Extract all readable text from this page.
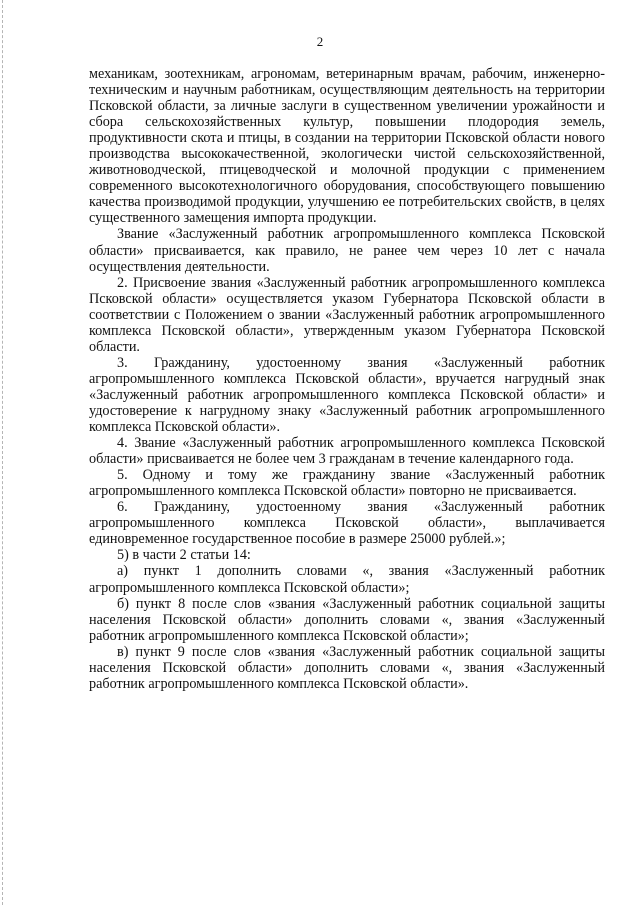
2

механикам, зоотехникам, агрономам, ветеринарным врачам, рабочим, инженерно-техническим и научным работникам, осуществляющим деятельность на территории Псковской области, за личные заслуги в существенном увеличении урожайности и сбора сельскохозяйственных культур, повышении плодородия земель, продуктивности скота и птицы, в создании на территории Псковской области нового производства высококачественной, экологически чистой сельскохозяйственной, животноводческой, птицеводческой и молочной продукции с применением современного высокотехнологичного оборудования, способствующего повышению качества производимой продукции, улучшению ее потребительских свойств, в целях существенного замещения импорта продукции.

Звание «Заслуженный работник агропромышленного комплекса Псковской области» присваивается, как правило, не ранее чем через 10 лет с начала осуществления деятельности.

2. Присвоение звания «Заслуженный работник агропромышленного комплекса Псковской области» осуществляется указом Губернатора Псковской области в соответствии с Положением о звании «Заслуженный работник агропромышленного комплекса Псковской области», утвержденным указом Губернатора Псковской области.

3. Гражданину, удостоенному звания «Заслуженный работник агропромышленного комплекса Псковской области», вручается нагрудный знак «Заслуженный работник агропромышленного комплекса Псковской области» и удостоверение к нагрудному знаку «Заслуженный работник агропромышленного комплекса Псковской области».

4. Звание «Заслуженный работник агропромышленного комплекса Псковской области» присваивается не более чем 3 гражданам в течение календарного года.

5. Одному и тому же гражданину звание «Заслуженный работник агропромышленного комплекса Псковской области» повторно не присваивается.

6. Гражданину, удостоенному звания «Заслуженный работник агропромышленного комплекса Псковской области», выплачивается единовременное государственное пособие в размере 25000 рублей.»;

5) в части 2 статьи 14:

а) пункт 1 дополнить словами «, звания «Заслуженный работник агропромышленного комплекса Псковской области»;

б) пункт 8 после слов «звания «Заслуженный работник социальной защиты населения Псковской области» дополнить словами «, звания «Заслуженный работник агропромышленного комплекса Псковской области»;

в) пункт 9 после слов «звания «Заслуженный работник социальной защиты населения Псковской области» дополнить словами «, звания «Заслуженный работник агропромышленного комплекса Псковской области».
